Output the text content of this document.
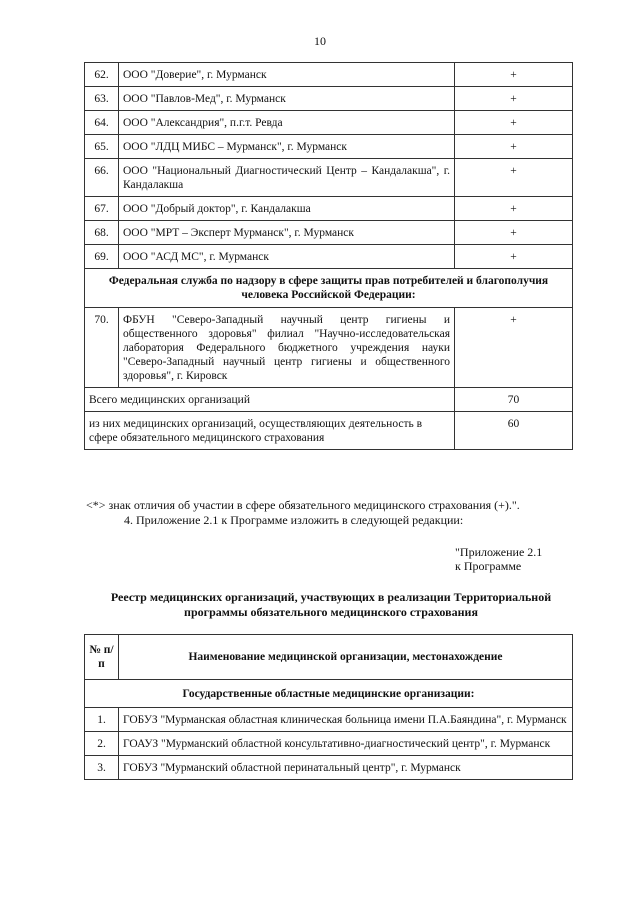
10
62.	ООО "Доверие", г. Мурманск	+
63.	ООО "Павлов-Мед", г. Мурманск	+
64.	ООО "Александрия", п.г.т. Ревда	+
65.	ООО "ЛДЦ МИБС – Мурманск", г. Мурманск	+
66.	ООО "Национальный Диагностический Центр – Кандалакша", г. Кандалакша	+
67.	ООО "Добрый доктор", г. Кандалакша	+
68.	ООО "МРТ – Эксперт Мурманск", г. Мурманск	+
69.	ООО "АСД МС", г. Мурманск	+
Федеральная служба по надзору в сфере защиты прав потребителей и благополучия человека Российской Федерации:		
70.	ФБУН "Северо-Западный научный центр гигиены и общественного здоровья" филиал "Научно-исследовательская лаборатория Федерального бюджетного учреждения науки "Северо-Западный научный центр гигиены и общественного здоровья", г. Кировск	+
Всего медицинских организаций		70
из них медицинских организаций, осуществляющих деятельность в сфере обязательного медицинского страхования		60
<*> знак отличия об участии в сфере обязательного медицинского страхования (+).".
4. Приложение 2.1 к Программе изложить в следующей редакции:
"Приложение 2.1
к Программе
Реестр медицинских организаций, участвующих в реализации Территориальной программы обязательного медицинского страхования
№ п/п	Наименование медицинской организации, местонахождение
Государственные областные медицинские организации:	
1.	ГОБУЗ "Мурманская областная клиническая больница имени П.А.Баяндина", г. Мурманск
2.	ГОАУЗ "Мурманский областной консультативно-диагностический центр", г. Мурманск
3.	ГОБУЗ "Мурманский областной перинатальный центр", г. Мурманск
